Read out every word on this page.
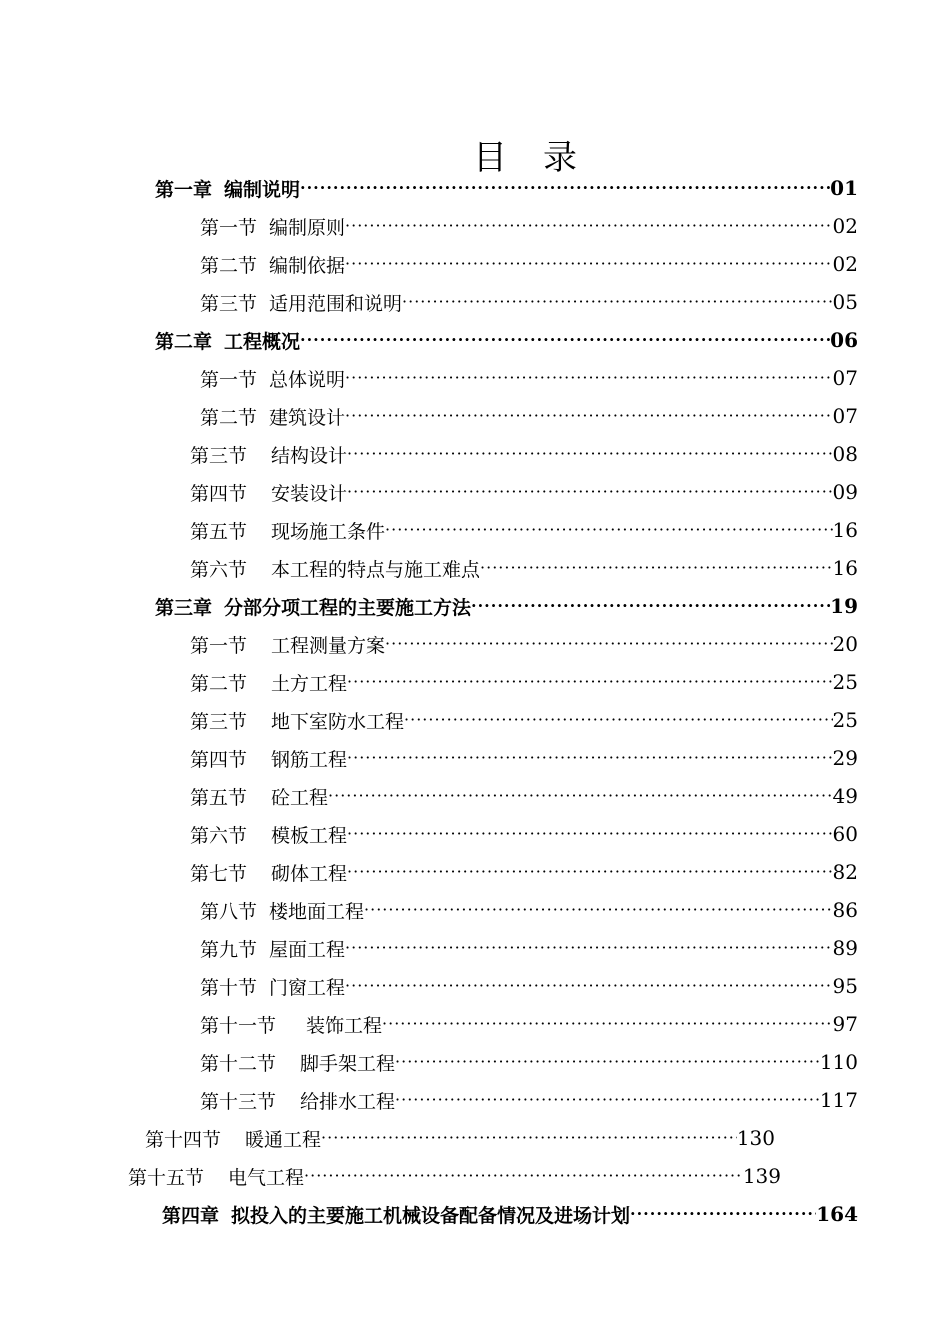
目 录
第一章 编制说明 ·····	01
第一节 编制原则 ·····	02
第二节 编制依据 ·····	02
第三节 适用范围和说明 ·····	05
第二章 工程概况 ·····	06
第一节 总体说明 ·····	07
第二节 建筑设计 ·····	07
第三节 结构设计 ·····	08
第四节 安装设计 ·····	09
第五节 现场施工条件 ·····	16
第六节 本工程的特点与施工难点 ·····	16
第三章 分部分项工程的主要施工方法 ·····	19
第一节 工程测量方案 ·····	20
第二节 土方工程 ·····	25
第三节 地下室防水工程 ·····	25
第四节 钢筋工程 ·····	29
第五节 砼工程 ·····	49
第六节 模板工程 ·····	60
第七节 砌体工程 ·····	82
第八节 楼地面工程 ·····	86
第九节 屋面工程 ·····	89
第十节 门窗工程 ·····	95
第十一节 装饰工程 ·····	97
第十二节 脚手架工程 ·····	110
第十三节 给排水工程 ·····	117
第十四节 暖通工程 ·····	130
第十五节 电气工程 ·····	139
第四章 拟投入的主要施工机械设备配备情况及进场计划 ·····	164
